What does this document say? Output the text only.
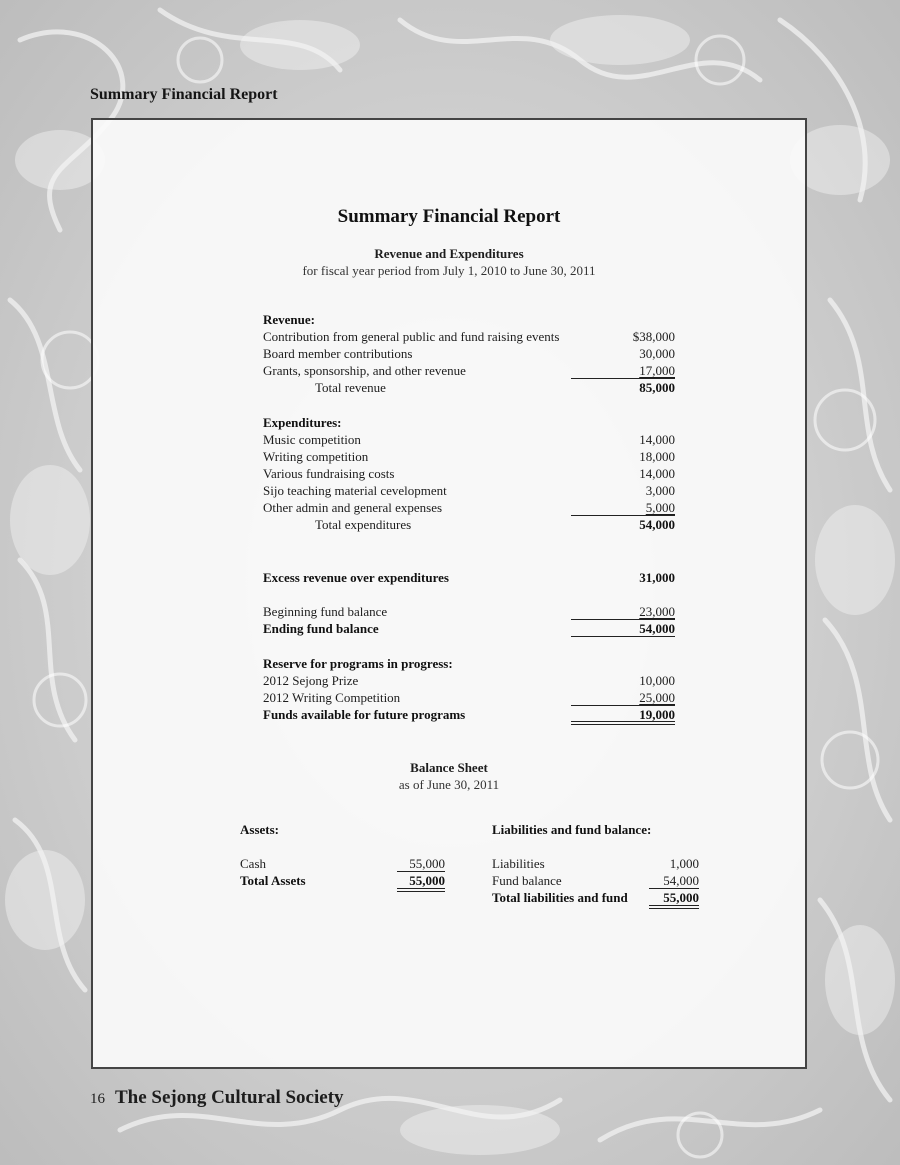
Summary Financial Report
Summary Financial Report
Revenue and Expenditures
for fiscal year period from July 1, 2010 to June 30, 2011
Revenue:
Contribution from general public and fund raising events	$38,000
Board member contributions	30,000
Grants, sponsorship, and other revenue	17,000
Total revenue	85,000
Expenditures:
Music competition	14,000
Writing competition	18,000
Various fundraising costs	14,000
Sijo teaching material cevelopment	3,000
Other admin and general expenses	5,000
Total expenditures	54,000
Excess revenue over expenditures	31,000
Beginning fund balance	23,000
Ending fund balance	54,000
Reserve for programs in progress:
2012 Sejong Prize	10,000
2012 Writing Competition	25,000
Funds available for future programs	19,000
Balance Sheet
as of June 30, 2011
Assets:
Cash	55,000
Total Assets	55,000
Liabilities and fund balance:
Liabilities	1,000
Fund balance	54,000
Total liabilities and fund	55,000
16 The Sejong Cultural Society
